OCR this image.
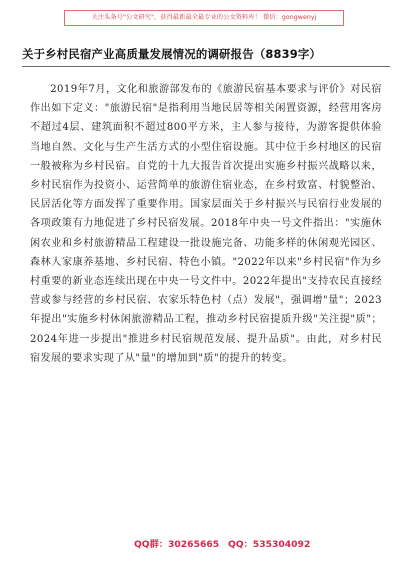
关注头条号"公文研究"，获得最新最全最专业的公文资料库！ 微信：gongwenyj
关于乡村民宿产业高质量发展情况的调研报告（8839字）

2019年7月，文化和旅游部发布的《旅游民宿基本要求与评价》对民宿作出如下定义："旅游民宿"是指利用当地民居等相关闲置资源，经营用客房不超过4层、建筑面积不超过800平方米，主人参与接待，为游客提供体验当地自然、文化与生产生活方式的小型住宿设施。其中位于乡村地区的民宿一般被称为乡村民宿。自党的十九大报告首次提出实施乡村振兴战略以来，乡村民宿作为投资小、运营简单的旅游住宿业态，在乡村致富、村貌整治、民居活化等方面发挥了重要作用。国家层面关于乡村振兴与民宿行业发展的各项政策有力地促进了乡村民宿发展。2018年中央一号文件指出："实施休闲农业和乡村旅游精品工程建设一批设施完备、功能多样的休闲观光园区、森林人家康养基地、乡村民宿、特色小镇。"2022年以来"乡村民宿"作为乡村重要的新业态连续出现在中央一号文件中。2022年提出"支持农民直接经营或参与经营的乡村民宿、农家乐特色村（点）发展"，强调增"量"；2023年提出"实施乡村休闲旅游精品工程，推动乡村民宿提质升级"关注提"质"；2024年进一步提出"推进乡村民宿规范发展、提升品质"。由此，对乡村民宿发展的要求实现了从"量"的增加到"质"的提升的转变。

QQ群：30265665 QQ：535304092
